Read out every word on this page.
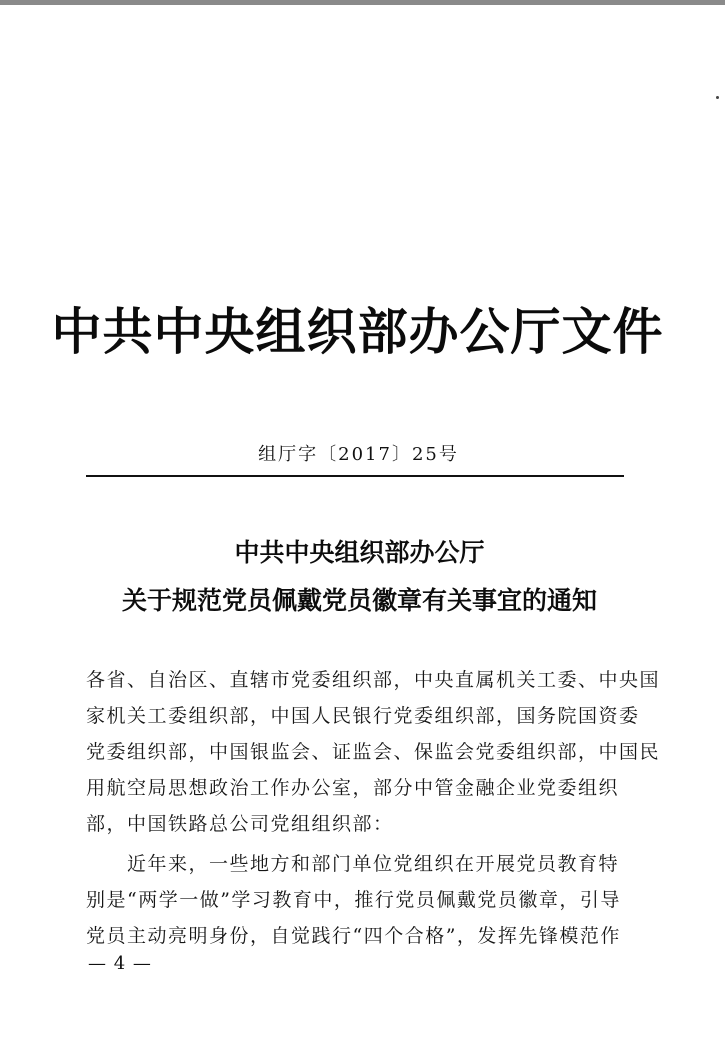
中共中央组织部办公厅文件
组厅字〔2017〕25号
中共中央组织部办公厅
关于规范党员佩戴党员徽章有关事宜的通知
各省、自治区、直辖市党委组织部，中央直属机关工委、中央国
家机关工委组织部，中国人民银行党委组织部，国务院国资委
党委组织部，中国银监会、证监会、保监会党委组织部，中国民
用航空局思想政治工作办公室，部分中管金融企业党委组织
部，中国铁路总公司党组组织部：
　　近年来，一些地方和部门单位党组织在开展党员教育特
别是“两学一做”学习教育中，推行党员佩戴党员徽章，引导
党员主动亮明身份，自觉践行“四个合格”，发挥先锋模范作
— 4 —
